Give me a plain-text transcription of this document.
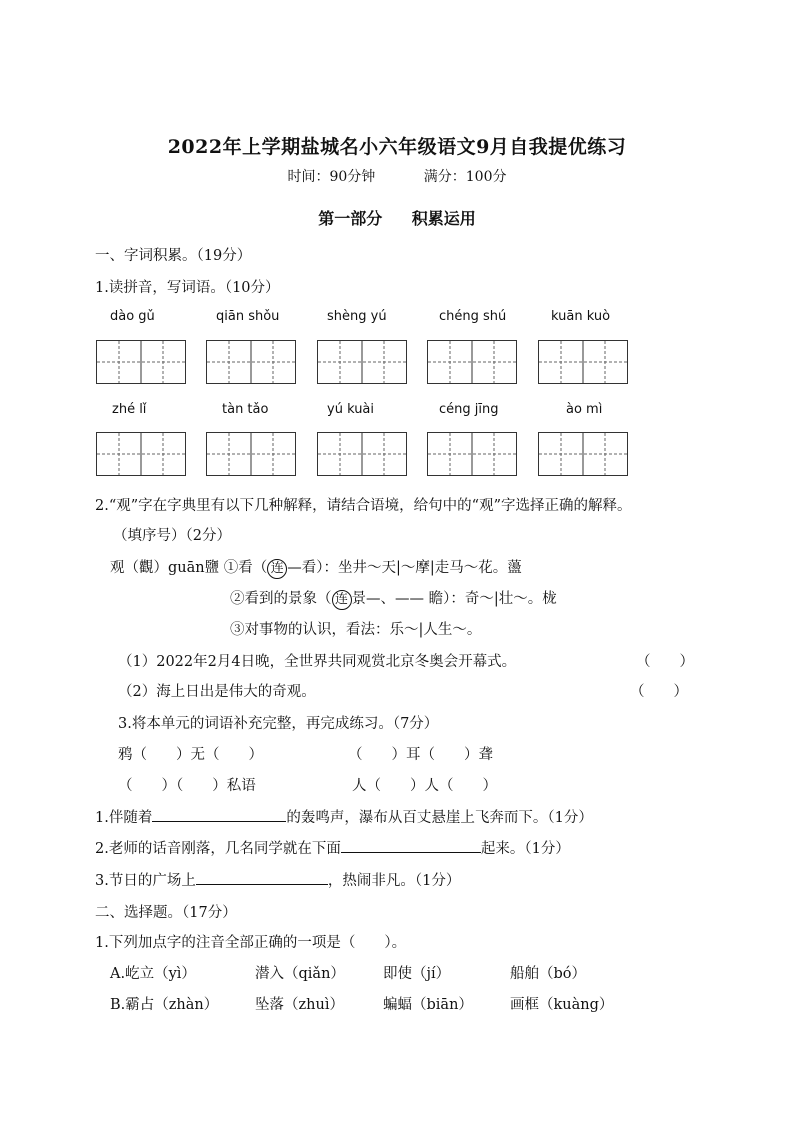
2022年上学期盐城名小六年级语文9月自我提优练习
时间：90分钟	满分：100分
第一部分 积累运用
一、字词积累。（19分）
1.读拼音，写词语。（10分）
dào gǔ	qiān shǒu	shèng yú	chéng shú	kuān kuò
zhé lǐ	tàn tǎo	yú kuài	céng jīng	ào mì
2.“观”字在字典里有以下几种解释，请结合语境，给句中的“观”字选择正确的解释。
（填序号）（2分）
观（觀）guān鹽 ①看（ 连 —看）：坐井～天|～摩|走马～花。蘯
②看到的景象（ 连 景—、—— 瞻）：奇～|壮～。栊
③对事物的认识，看法：乐～|人生～。
（1）2022年2月4日晚，全世界共同观赏北京冬奥会开幕式。	（　　）
（2）海上日出是伟大的奇观。	（　　）
3.将本单元的词语补充完整，再完成练习。（7分）
鸦（　　）无（　　）	（　　）耳（　　）聋
（　　）（　　）私语	人（　　）人（　　）
1.伴随着	的轰鸣声，瀑布从百丈悬崖上飞奔而下。（1分）
2.老师的话音刚落，几名同学就在下面	起来。（1分）
3.节日的广场上	，热闹非凡。（1分）
二、选择题。（17分）
1.下列加点字的注音全部正确的一项是（　　）。
A.屹立（yì）	潜入（qiǎn）	即使（jí）	船舶（bó）
B.霸占（zhàn）	坠落（zhuì）	蝙蝠（biān）	画框（kuàng）
